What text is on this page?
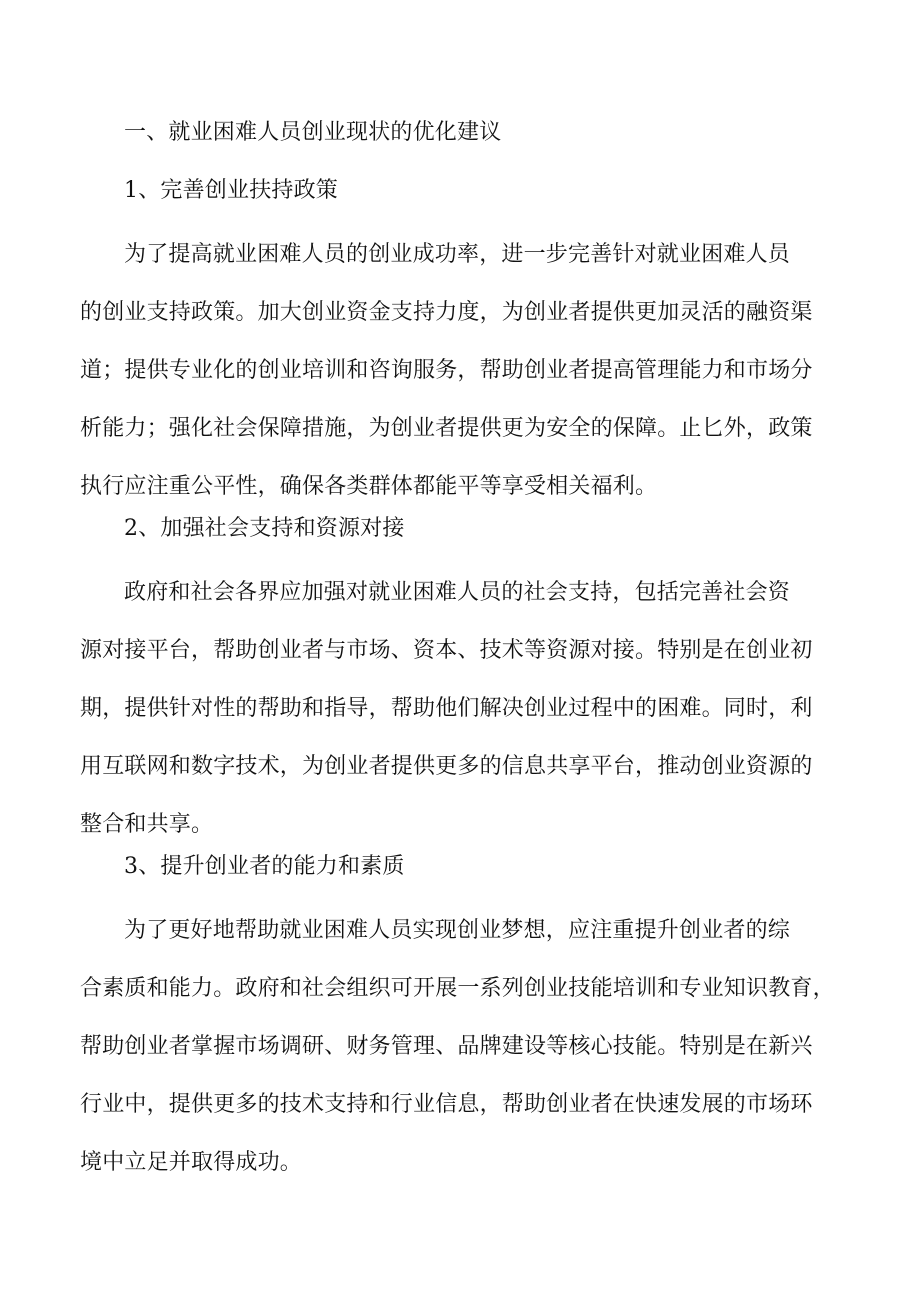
一、就业困难人员创业现状的优化建议
1、完善创业扶持政策
为了提高就业困难人员的创业成功率，进一步完善针对就业困难人员
的创业支持政策。加大创业资金支持力度，为创业者提供更加灵活的融资渠
道；提供专业化的创业培训和咨询服务，帮助创业者提高管理能力和市场分
析能力；强化社会保障措施，为创业者提供更为安全的保障。止匕外，政策
执行应注重公平性，确保各类群体都能平等享受相关福利。
2、加强社会支持和资源对接
政府和社会各界应加强对就业困难人员的社会支持，包括完善社会资
源对接平台，帮助创业者与市场、资本、技术等资源对接。特别是在创业初
期，提供针对性的帮助和指导，帮助他们解决创业过程中的困难。同时，利
用互联网和数字技术，为创业者提供更多的信息共享平台，推动创业资源的
整合和共享。
3、提升创业者的能力和素质
为了更好地帮助就业困难人员实现创业梦想，应注重提升创业者的综
合素质和能力。政府和社会组织可开展一系列创业技能培训和专业知识教育，
帮助创业者掌握市场调研、财务管理、品牌建设等核心技能。特别是在新兴
行业中，提供更多的技术支持和行业信息，帮助创业者在快速发展的市场环
境中立足并取得成功。
